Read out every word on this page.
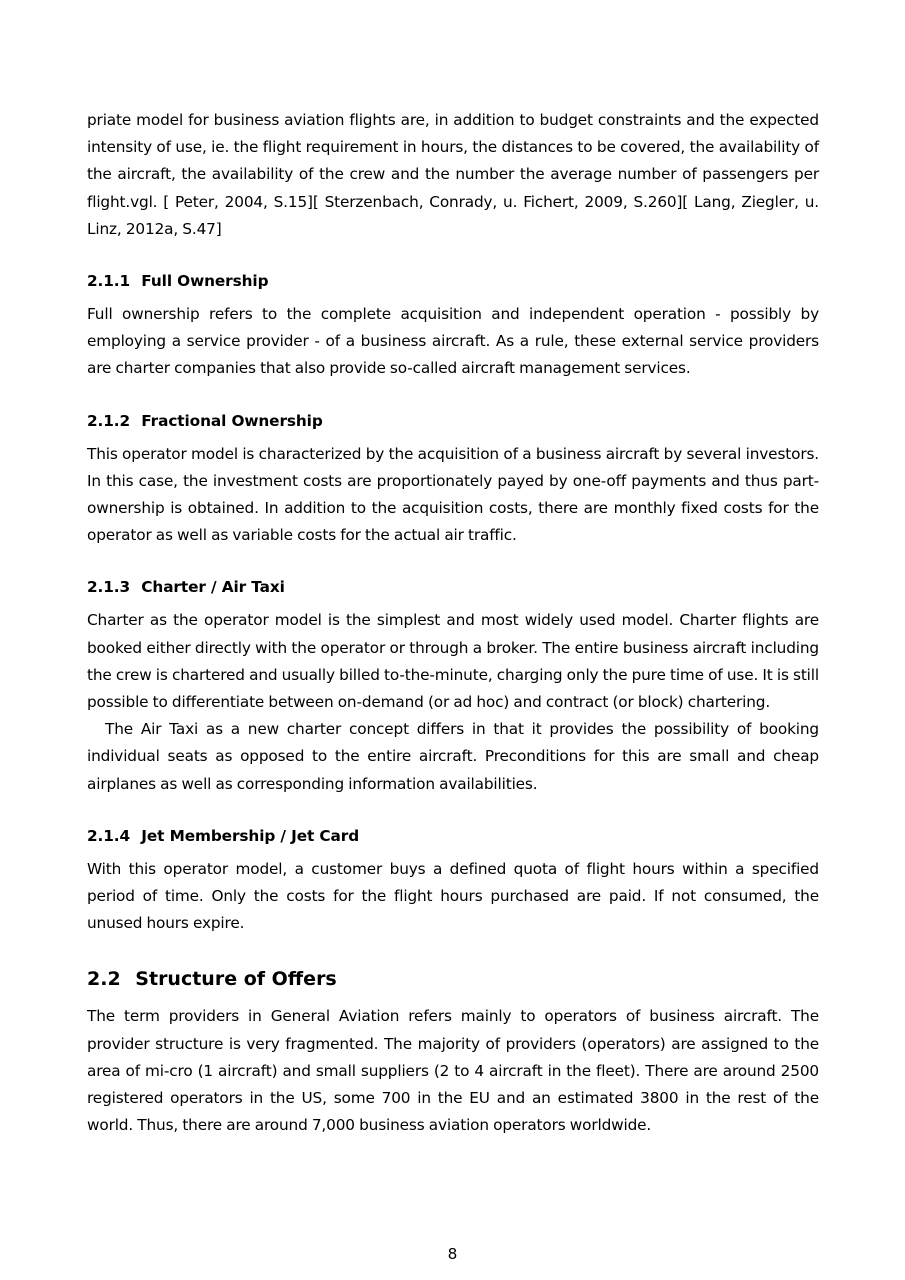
priate model for business aviation flights are, in addition to budget constraints and the expected intensity of use, ie. the flight requirement in hours, the distances to be covered, the availability of the aircraft, the availability of the crew and the number the average number of passengers per flight.vgl. [ Peter, 2004, S.15][ Sterzenbach, Conrady, u. Fichert, 2009, S.260][ Lang, Ziegler, u. Linz, 2012a, S.47]

2.1.1 Full Ownership

Full ownership refers to the complete acquisition and independent operation - possibly by employing a service provider - of a business aircraft. As a rule, these external service providers are charter companies that also provide so-called aircraft management services.

2.1.2 Fractional Ownership

This operator model is characterized by the acquisition of a business aircraft by several investors. In this case, the investment costs are proportionately payed by one-off payments and thus part-ownership is obtained. In addition to the acquisition costs, there are monthly fixed costs for the operator as well as variable costs for the actual air traffic.

2.1.3 Charter / Air Taxi

Charter as the operator model is the simplest and most widely used model. Charter flights are booked either directly with the operator or through a broker. The entire business aircraft including the crew is chartered and usually billed to-the-minute, charging only the pure time of use. It is still possible to differentiate between on-demand (or ad hoc) and contract (or block) chartering.

The Air Taxi as a new charter concept differs in that it provides the possibility of booking individual seats as opposed to the entire aircraft. Preconditions for this are small and cheap airplanes as well as corresponding information availabilities.

2.1.4 Jet Membership / Jet Card

With this operator model, a customer buys a defined quota of flight hours within a specified period of time. Only the costs for the flight hours purchased are paid. If not consumed, the unused hours expire.

2.2 Structure of Offers

The term providers in General Aviation refers mainly to operators of business aircraft. The provider structure is very fragmented. The majority of providers (operators) are assigned to the area of mi-cro (1 aircraft) and small suppliers (2 to 4 aircraft in the fleet). There are around 2500 registered operators in the US, some 700 in the EU and an estimated 3800 in the rest of the world. Thus, there are around 7,000 business aviation operators worldwide.

8
